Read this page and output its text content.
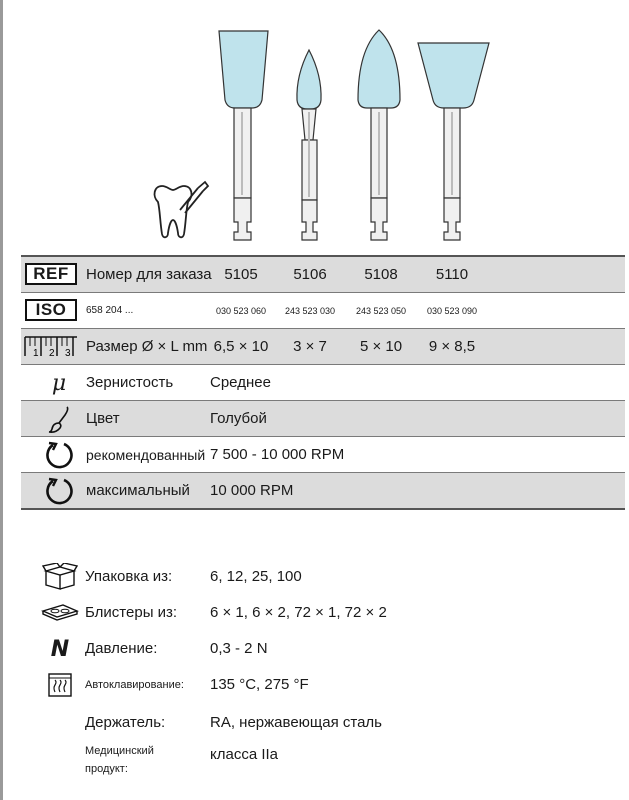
REF	Номер для заказа 5105	5106	5108	5110
ISO	658 204 ...	030 523 060	243 523 030	243 523 050	030 523 090
1 2 3 Размер Ø × L mm 6,5 × 10	3 × 7	5 × 10	9 × 8,5
μ Зернистость Среднее
Цвет	Голубой
рекомендованный 7 500 - 10 000 RPM
максимальный 10 000 RPM
Упаковка из:	6, 12, 25, 100
Блистеры из: 6 × 1, 6 × 2, 72 × 1, 72 × 2
N Давление:	0,3 - 2 N
Автоклавирование: 135 °C, 275 °F
Держатель:	RA, нержавеющая сталь
Медицинский
продукт:
класса IIa
